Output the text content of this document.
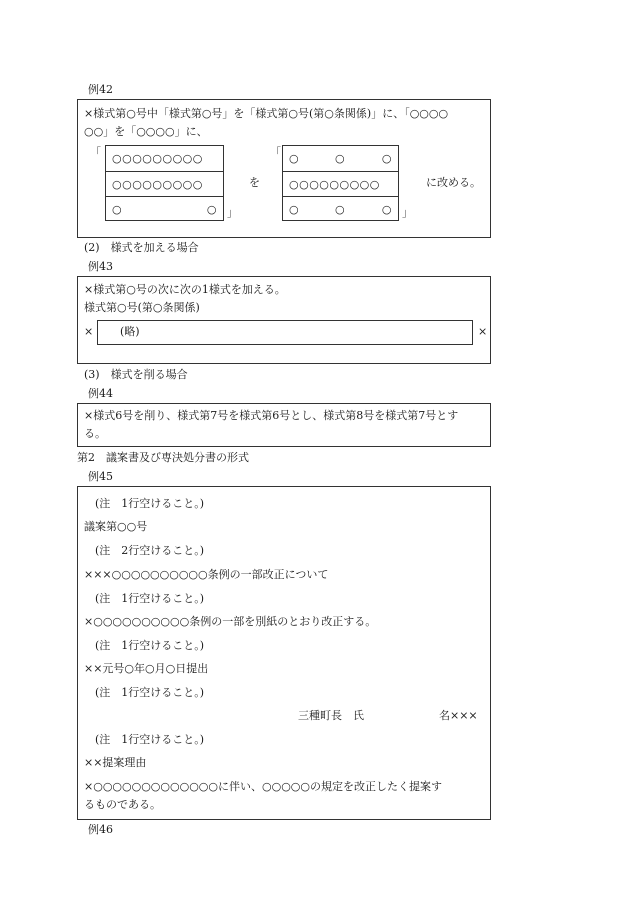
例42
×様式第○号中「様式第○号」を「様式第○号(第○条関係)」に、「○○○○
○○」を「○○○○」に、
「	○○○○○○○○○
○○○○○○○○○
○	○ 」
を
「 ○	○	○
○○○○○○○○○
○	○	○ 」
に改める。
(2)　様式を加える場合
例43
×様式第○号の次に次の1様式を加える。
様式第○号(第○条関係)
× (略)	×
(3)　様式を削る場合
例44
×様式6号を削り、様式第7号を様式第6号とし、様式第8号を様式第7号とす
る。
第2　議案書及び専決処分書の形式
例45
(注　1行空けること。)
議案第○○号
(注　2行空けること。)
×××○○○○○○○○○○条例の一部改正について
(注　1行空けること。)
×○○○○○○○○○○条例の一部を別紙のとおり改正する。
(注　1行空けること。)
××元号○年○月○日提出
(注　1行空けること。)
三種町長　氏	名×××
(注　1行空けること。)
××提案理由
×○○○○○○○○○○○○○に伴い、○○○○○の規定を改正したく提案す
るものである。
例46
